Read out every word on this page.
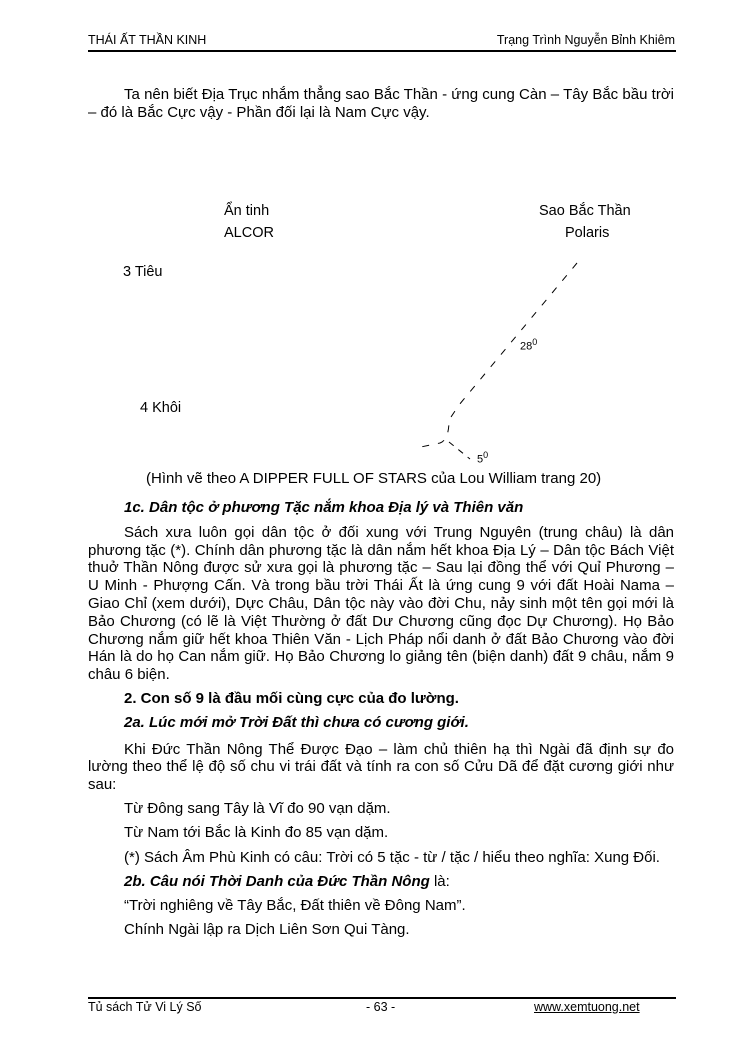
THÁI ẤT THẦN KINH	Trạng Trình Nguyễn Bỉnh Khiêm
Ta nên biết Địa Trục nhắm thẳng sao Bắc Thần - ứng cung Càn – Tây Bắc bầu trời – đó là Bắc Cực vậy - Phần đối lại là Nam Cực vậy.
Ẩn tinh
ALCOR
Sao Bắc Thần
Polaris
3 Tiêu
4 Khôi
$28^0$
$5^0$
(Hình vẽ theo A DIPPER FULL OF STARS của Lou William trang 20)
1c. Dân tộc ở phương Tặc nắm khoa Địa lý và Thiên văn
Sách xưa luôn gọi dân tộc ở đối xung với Trung Nguyên (trung châu) là dân phương tặc (*). Chính dân phương tặc là dân nắm hết khoa Địa Lý – Dân tộc Bách Việt thuở Thần Nông được sử xưa gọi là phương tặc – Sau lại đồng thể với Quỉ Phương – U Minh - Phượng Cấn. Và trong bầu trời Thái Ất là ứng cung 9 với đất Hoài Nama – Giao Chỉ (xem dưới), Dực Châu, Dân tộc này vào đời Chu, nảy sinh một tên gọi mới là Bảo Chương (có lẽ là Việt Thường ở đất Dư Chương cũng đọc Dự Chương). Họ Bảo Chương nắm giữ hết khoa Thiên Văn - Lịch Pháp nổi danh ở đất Bảo Chương vào đời Hán là do họ Can nắm giữ. Họ Bảo Chương lo giảng tên (biện danh) đất 9 châu, nắm 9 châu 6 biện.
2. Con số 9 là đầu mối cùng cực của đo lường.
2a. Lúc mới mở Trời Đất thì chưa có cương giới.
Khi Đức Thần Nông Thể Được Đạo – làm chủ thiên hạ thì Ngài đã định sự đo lường theo thể lệ độ số chu vi trái đất và tính ra con số Cửu Dã để đặt cương giới như sau:
Từ Đông sang Tây là Vĩ đo 90 vạn dặm.
Từ Nam tới Bắc là Kinh đo 85 vạn dặm.
(*) Sách Âm Phù Kinh có câu: Trời có 5 tặc - từ / tặc / hiểu theo nghĩa: Xung Đối.
2b. Câu nói Thời Danh của Đức Thần Nông là:
“Trời nghiêng về Tây Bắc, Đất thiên về Đông Nam”.
Chính Ngài lập ra Dịch Liên Sơn Qui Tàng.
Tủ sách Tử Vi Lý Số	- 63 -	www.xemtuong.net
